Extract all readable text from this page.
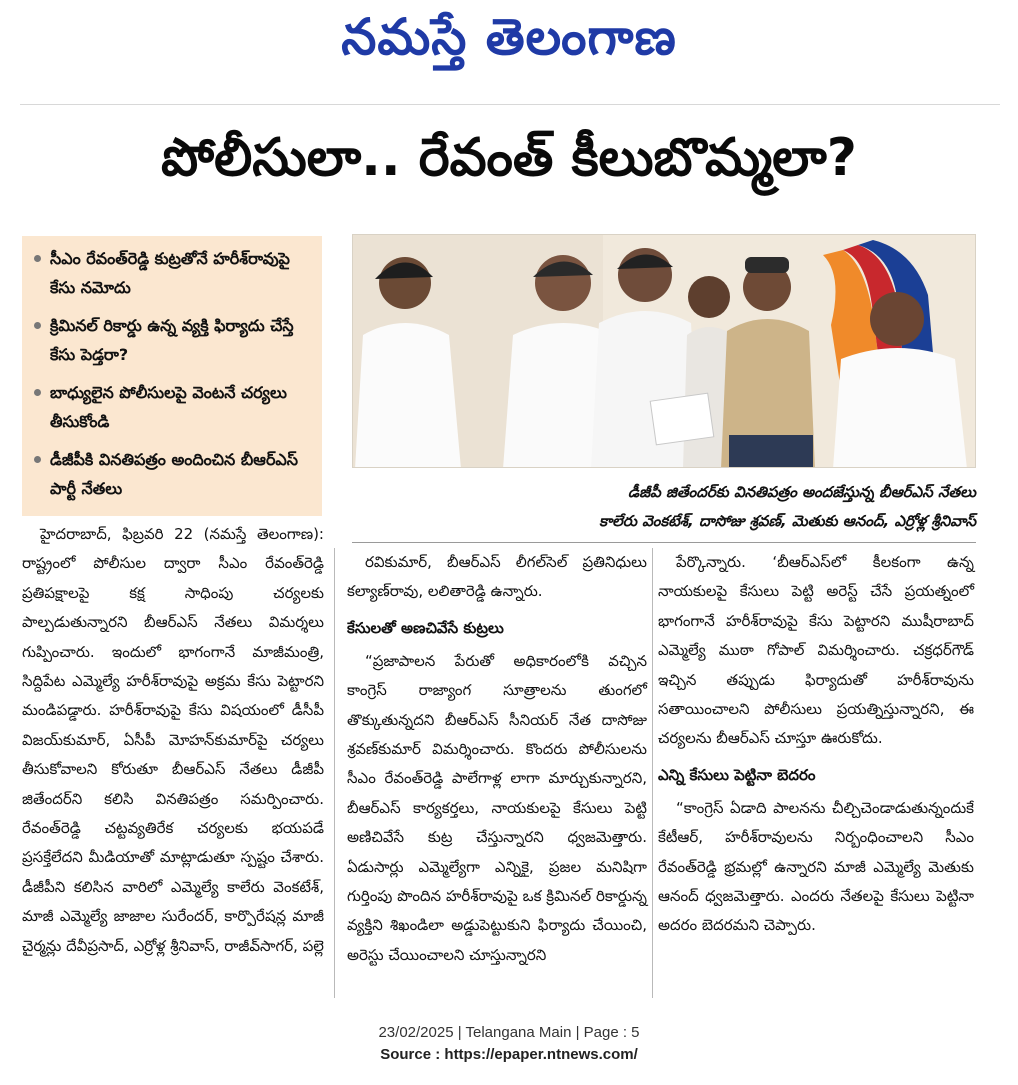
నమస్తే తెలంగాణ
పోలీసులా.. రేవంత్ కీలుబొమ్మలా?
సీఎం రేవంత్‌రెడ్డి కుట్రతోనే హరీశ్‌రావుపై కేసు నమోదు
క్రిమినల్ రికార్డు ఉన్న వ్యక్తి ఫిర్యాదు చేస్తే కేసు పెడ్తరా?
బాధ్యులైన పోలీసులపై వెంటనే చర్యలు తీసుకోండి
డీజీపీకి వినతిపత్రం అందించిన బీఆర్‌ఎస్ పార్టీ నేతలు	డీజీపీ జితేందర్‌కు వినతిపత్రం అందజేస్తున్న బీఆర్‌ఎస్ నేతలు
కాలేరు వెంకటేశ్, దాసోజు శ్రవణ్, మెతుకు ఆనంద్, ఎర్రోళ్ల శ్రీనివాస్

హైదరాబాద్, ఫిబ్రవరి 22 (నమస్తే తెలంగాణ): రాష్ట్రంలో పోలీసుల ద్వారా సీఎం రేవంత్‌రెడ్డి ప్రతిపక్షాలపై కక్ష సాధింపు చర్యలకు పాల్పడుతున్నారని బీఆర్‌ఎస్ నేతలు విమర్శలు గుప్పించారు. ఇందులో భాగంగానే మాజీమంత్రి, సిద్దిపేట ఎమ్మెల్యే హరీశ్‌రావుపై అక్రమ కేసు పెట్టారని మండిపడ్డారు. హరీశ్‌రావుపై కేసు విషయంలో డీసీపీ విజయ్‌కుమార్, ఏసీపీ మోహన్‌కుమార్‌పై చర్యలు తీసుకోవాలని కోరుతూ బీఆర్‌ఎస్ నేతలు డీజీపీ జితేందర్‌ని కలిసి వినతిపత్రం సమర్పించారు. రేవంత్‌రెడ్డి చట్టవ్యతిరేక చర్యలకు భయపడే ప్రసక్తేలేదని మీడియాతో మాట్లాడుతూ స్పష్టం చేశారు. డీజీపీని కలిసిన వారిలో ఎమ్మెల్యే కాలేరు వెంకటేశ్, మాజీ ఎమ్మెల్యే జాజాల సురేందర్, కార్పొరేషన్ల మాజీ చైర్మన్లు దేవీప్రసాద్, ఎర్రోళ్ల శ్రీనివాస్, రాజీవ్‌సాగర్, పల్లె

రవికుమార్, బీఆర్‌ఎస్ లీగల్‌సెల్ ప్రతినిధులు కల్యాణ్‌రావు, లలితారెడ్డి ఉన్నారు.

కేసులతో అణచివేసే కుట్రలు

“ప్రజాపాలన పేరుతో అధికారంలోకి వచ్చిన కాంగ్రెస్ రాజ్యాంగ సూత్రాలను తుంగలో తొక్కుతున్నదని బీఆర్‌ఎస్ సీనియర్ నేత దాసోజు శ్రవణ్‌కుమార్ విమర్శించారు. కొందరు పోలీసులను సీఎం రేవంత్‌రెడ్డి పాలేగాళ్ల లాగా మార్చుకున్నారని, బీఆర్‌ఎస్ కార్యకర్తలు, నాయకులపై కేసులు పెట్టి అణిచివేసే కుట్ర చేస్తున్నారని ధ్వజమెత్తారు. ఏడుసార్లు ఎమ్మెల్యేగా ఎన్నికై, ప్రజల మనిషిగా గుర్తింపు పొందిన హరీశ్‌రావుపై ఒక క్రిమినల్ రికార్డున్న వ్యక్తిని శిఖండిలా అడ్డుపెట్టుకుని ఫిర్యాదు చేయించి, అరెస్టు చేయించాలని చూస్తున్నారని

పేర్కొన్నారు. ‘బీఆర్‌ఎస్‌లో కీలకంగా ఉన్న నాయకులపై కేసులు పెట్టి అరెస్ట్ చేసే ప్రయత్నంలో భాగంగానే హరీశ్‌రావుపై కేసు పెట్టారని ముషీరాబాద్ ఎమ్మెల్యే ముఠా గోపాల్ విమర్శించారు. చక్రధర్‌గౌడ్ ఇచ్చిన తప్పుడు ఫిర్యాదుతో హరీశ్‌రావును సతాయించాలని పోలీసులు ప్రయత్నిస్తున్నారని, ఈ చర్యలను బీఆర్‌ఎస్ చూస్తూ ఊరుకోదు.

ఎన్ని కేసులు పెట్టినా బెదరం

“కాంగ్రెస్ ఏడాది పాలనను చీల్చిచెండాడుతున్నందుకే కేటీఆర్, హరీశ్‌రావులను నిర్బంధించాలని సీఎం రేవంత్‌రెడ్డి భ్రమల్లో ఉన్నారని మాజీ ఎమ్మెల్యే మెతుకు ఆనంద్ ధ్వజమెత్తారు. ఎందరు నేతలపై కేసులు పెట్టినా అదరం బెదరమని చెప్పారు.

23/02/2025 | Telangana Main | Page : 5
Source : https://epaper.ntnews.com/
